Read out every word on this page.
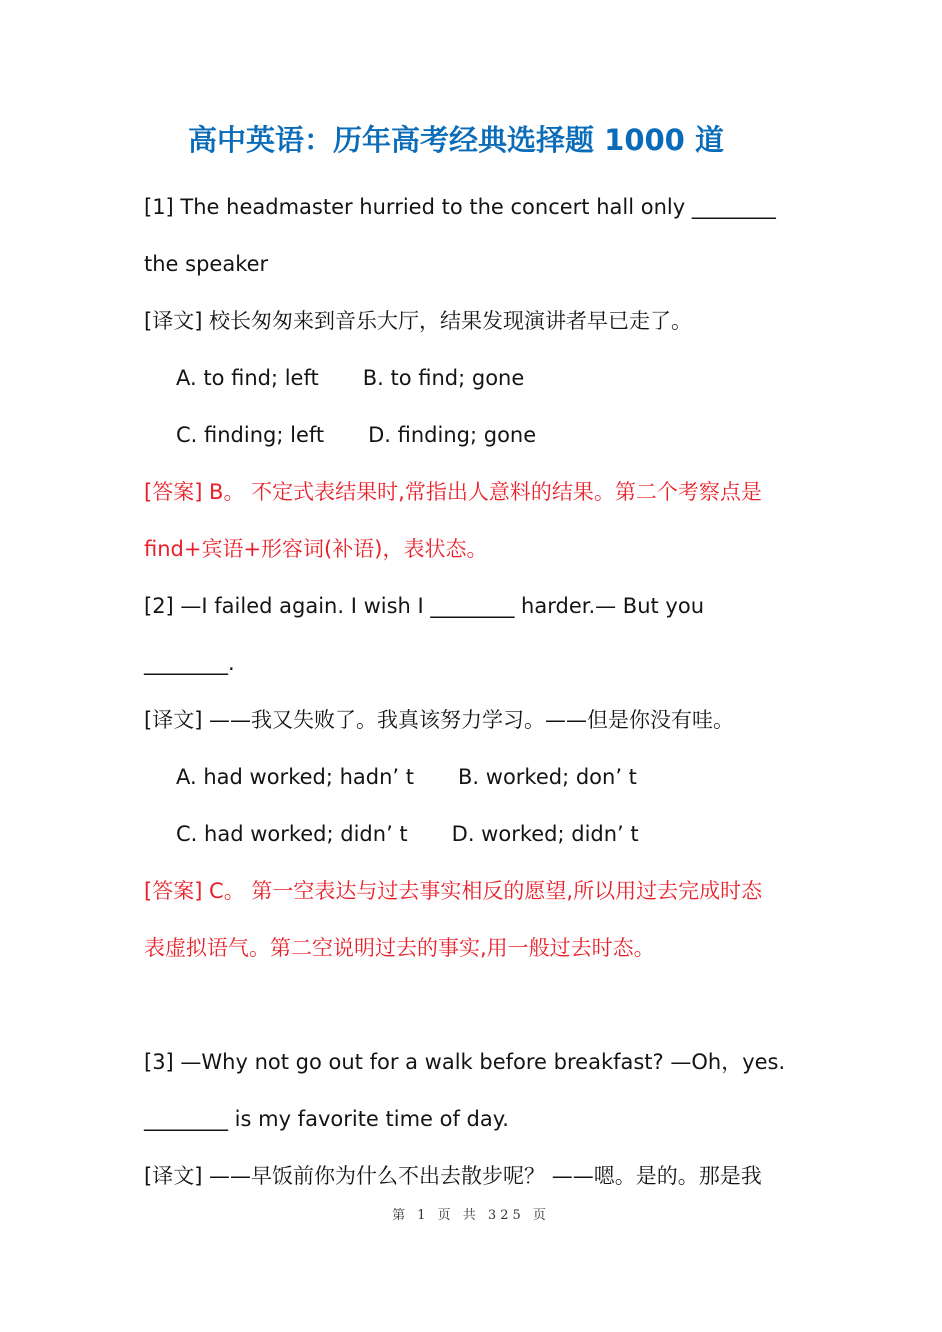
高中英语：历年高考经典选择题 1000 道
[1] The headmaster hurried to the concert hall only ________
the speaker
[译文] 校长匆匆来到音乐大厅，结果发现演讲者早已走了。
A. to find; left B. to find; gone
C. finding; left D. finding; gone
[答案] B。 不定式表结果时,常指出人意料的结果。第二个考察点是
find+宾语+形容词(补语)，表状态。
[2] —I failed again. I wish I ________ harder.— But you
________.
[译文] ——我又失败了。我真该努力学习。——但是你没有哇。
A. had worked; hadn’ t B. worked; don’ t
C. had worked; didn’ t D. worked; didn’ t
[答案] C。 第一空表达与过去事实相反的愿望,所以用过去完成时态
表虚拟语气。第二空说明过去的事实,用一般过去时态。
[3] —Why not go out for a walk before breakfast? —Oh，yes.
________ is my favorite time of day.
[译文] ——早饭前你为什么不出去散步呢？ ——嗯。是的。那是我
第 1 页 共 325 页
